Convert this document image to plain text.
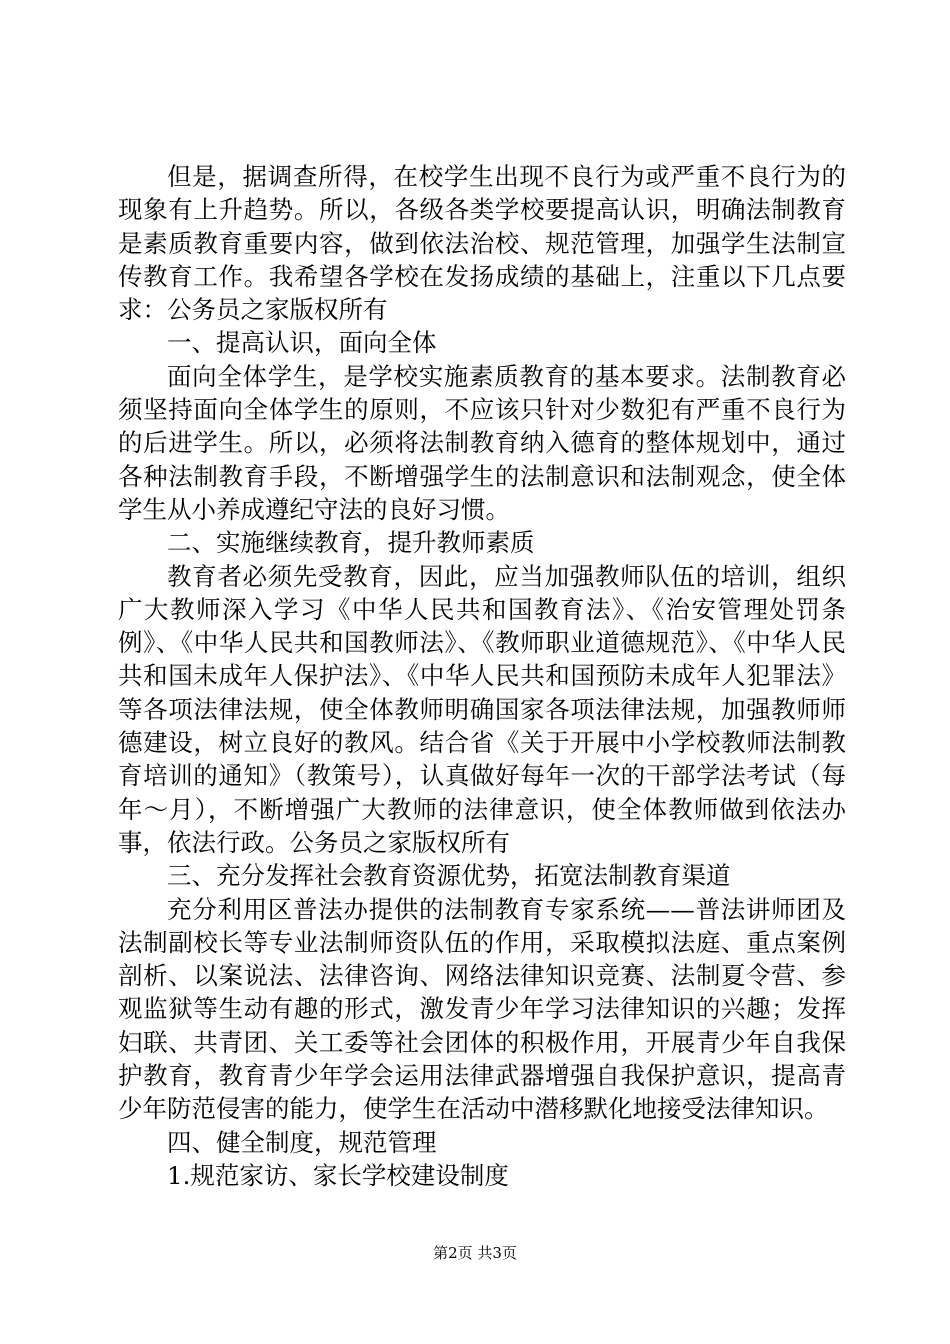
但是，据调查所得，在校学生出现不良行为或严重不良行为的现象有上升趋势。所以，各级各类学校要提高认识，明确法制教育是素质教育重要内容，做到依法治校、规范管理，加强学生法制宣传教育工作。我希望各学校在发扬成绩的基础上，注重以下几点要求：公务员之家版权所有

一、提高认识，面向全体

面向全体学生，是学校实施素质教育的基本要求。法制教育必须坚持面向全体学生的原则，不应该只针对少数犯有严重不良行为的后进学生。所以，必须将法制教育纳入德育的整体规划中，通过各种法制教育手段，不断增强学生的法制意识和法制观念，使全体学生从小养成遵纪守法的良好习惯。

二、实施继续教育，提升教师素质

教育者必须先受教育，因此，应当加强教师队伍的培训，组织广大教师深入学习《中华人民共和国教育法》、《治安管理处罚条例》、《中华人民共和国教师法》、《教师职业道德规范》、《中华人民共和国未成年人保护法》、《中华人民共和国预防未成年人犯罪法》等各项法律法规，使全体教师明确国家各项法律法规，加强教师师德建设，树立良好的教风。结合省《关于开展中小学校教师法制教育培训的通知》（教策号），认真做好每年一次的干部学法考试（每年～月），不断增强广大教师的法律意识，使全体教师做到依法办事，依法行政。公务员之家版权所有

三、充分发挥社会教育资源优势，拓宽法制教育渠道

充分利用区普法办提供的法制教育专家系统——普法讲师团及法制副校长等专业法制师资队伍的作用，采取模拟法庭、重点案例剖析、以案说法、法律咨询、网络法律知识竞赛、法制夏令营、参观监狱等生动有趣的形式，激发青少年学习法律知识的兴趣；发挥妇联、共青团、关工委等社会团体的积极作用，开展青少年自我保护教育，教育青少年学会运用法律武器增强自我保护意识，提高青少年防范侵害的能力，使学生在活动中潜移默化地接受法律知识。

四、健全制度，规范管理

1.规范家访、家长学校建设制度

第2页 共3页
